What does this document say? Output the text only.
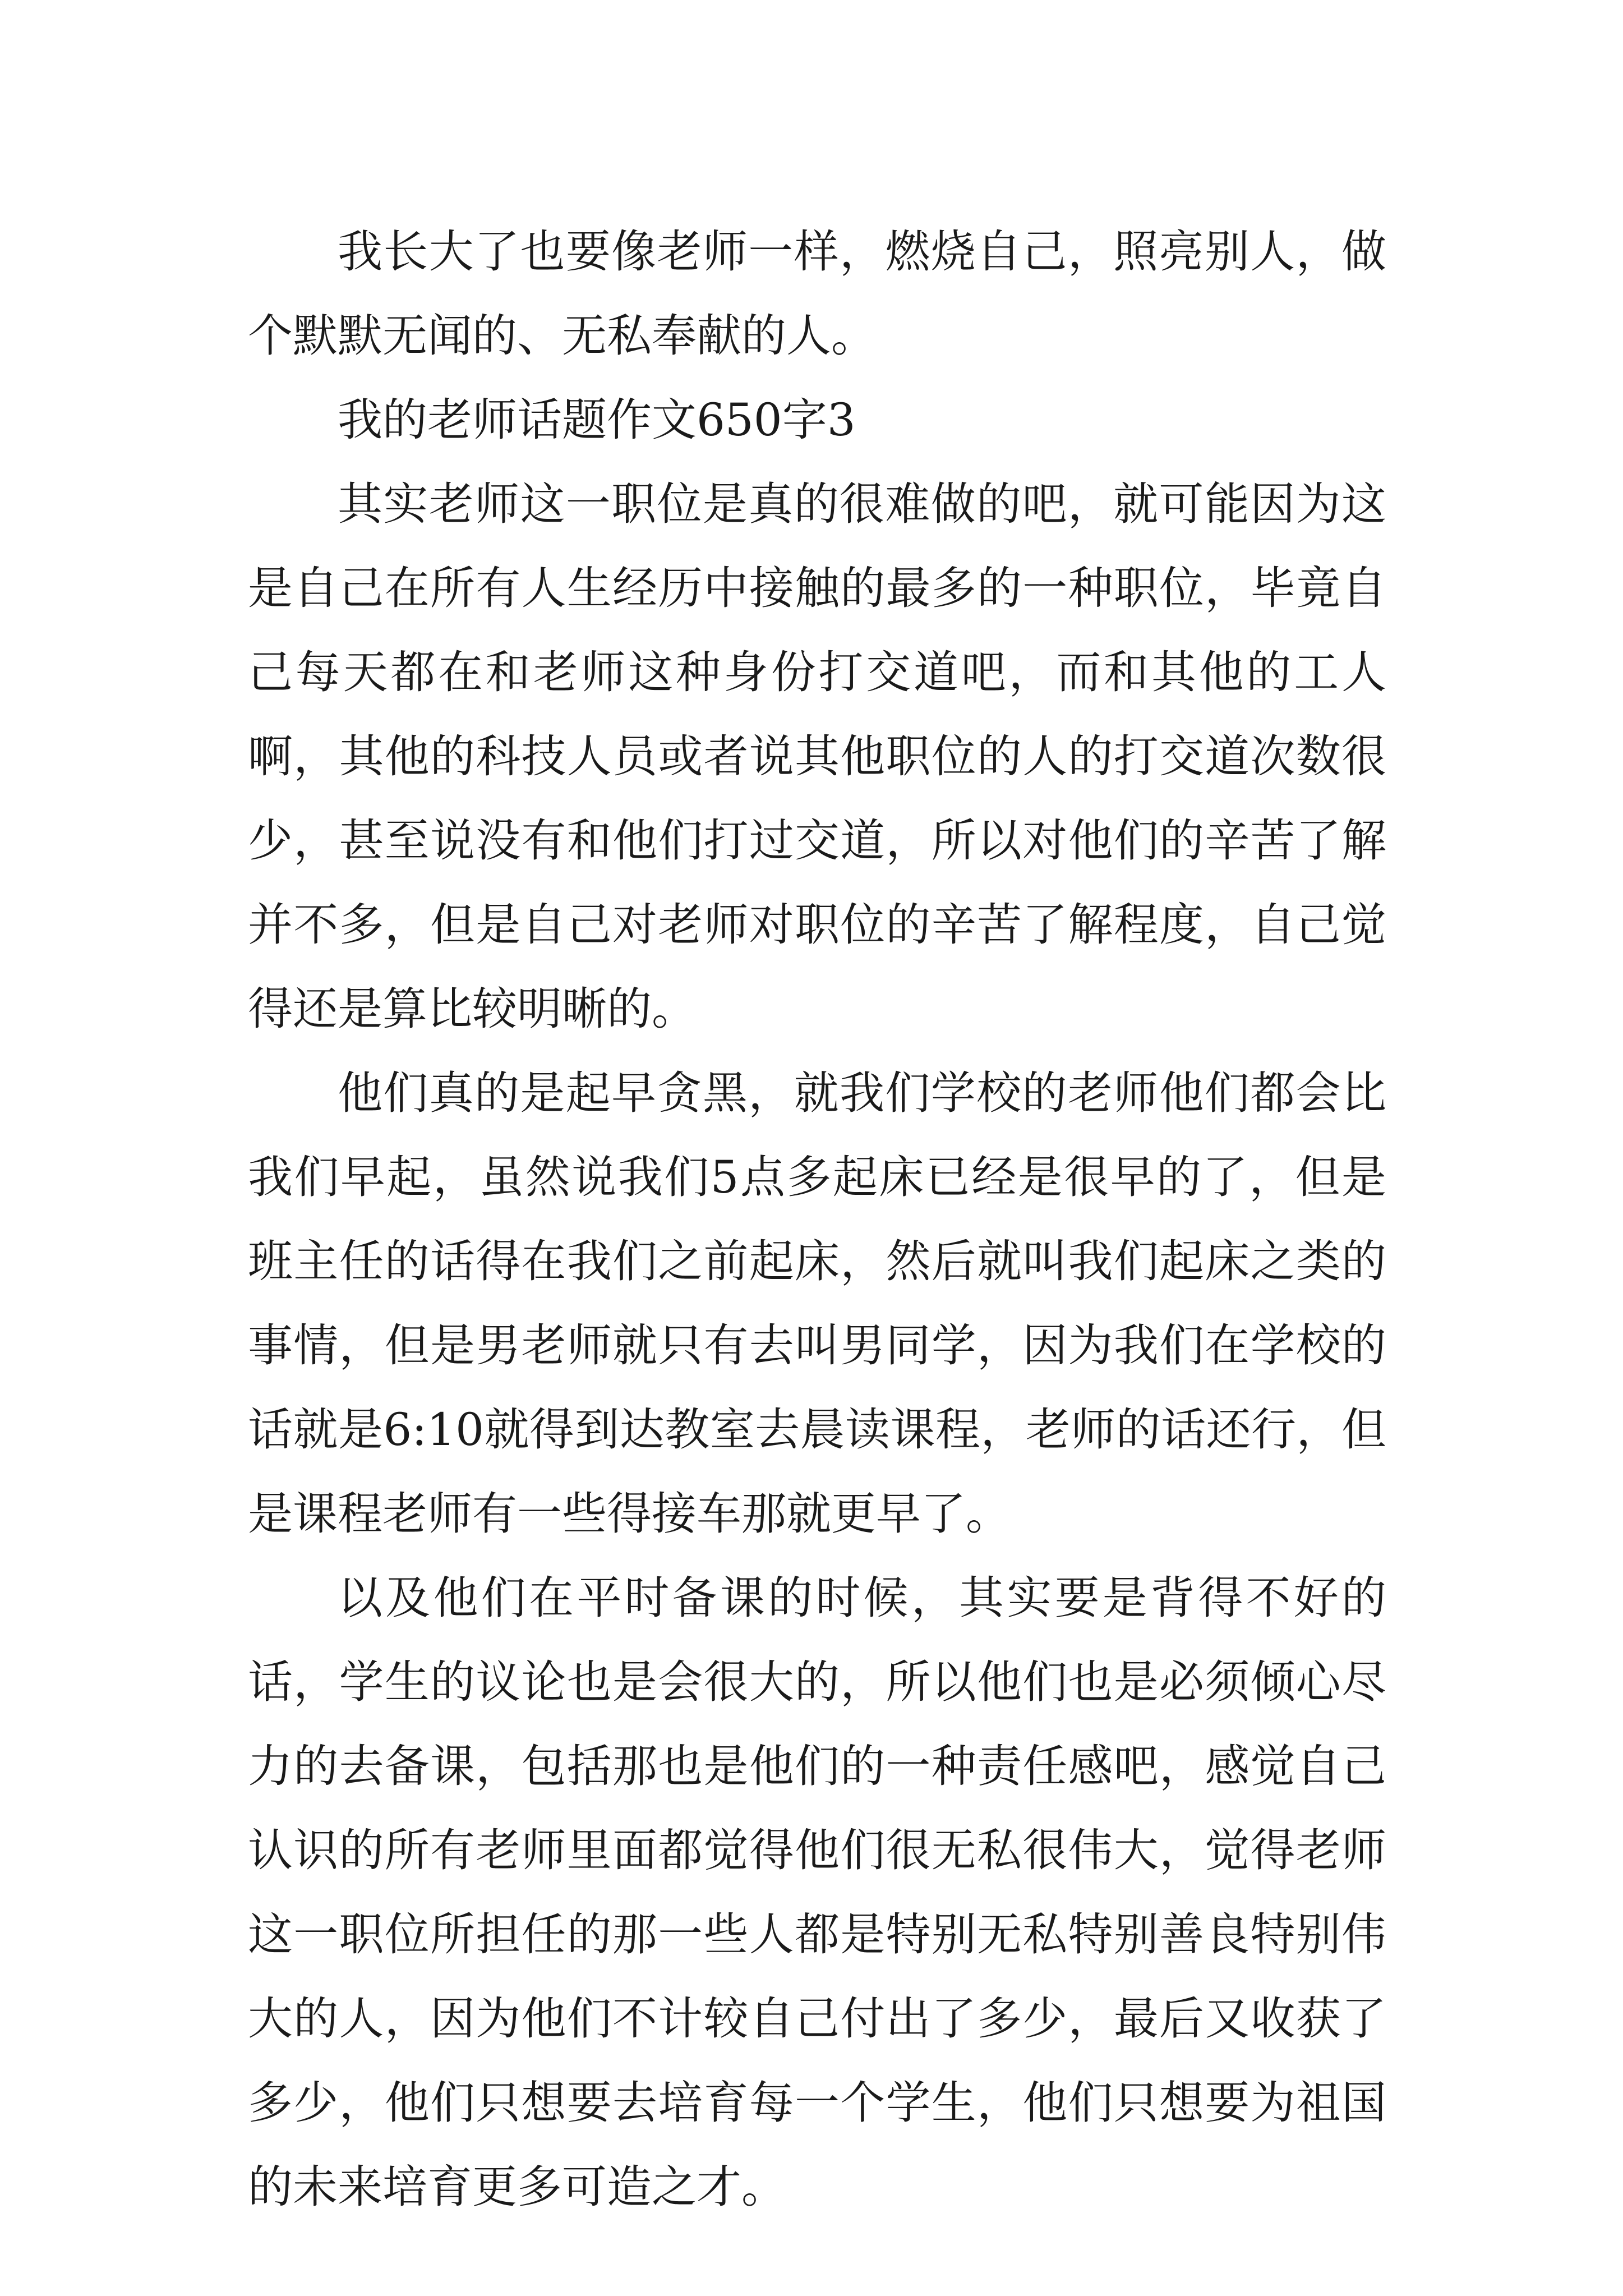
我长大了也要像老师一样，燃烧自己，照亮别人，做个默默无闻的、无私奉献的人。

我的老师话题作文650字3

其实老师这一职位是真的很难做的吧，就可能因为这是自己在所有人生经历中接触的最多的一种职位，毕竟自己每天都在和老师这种身份打交道吧，而和其他的工人啊，其他的科技人员或者说其他职位的人的打交道次数很少，甚至说没有和他们打过交道，所以对他们的辛苦了解并不多，但是自己对老师对职位的辛苦了解程度，自己觉得还是算比较明晰的。

他们真的是起早贪黑，就我们学校的老师他们都会比我们早起，虽然说我们5点多起床已经是很早的了，但是班主任的话得在我们之前起床，然后就叫我们起床之类的事情，但是男老师就只有去叫男同学，因为我们在学校的话就是6:10就得到达教室去晨读课程，老师的话还行，但是课程老师有一些得接车那就更早了。

以及他们在平时备课的时候，其实要是背得不好的话，学生的议论也是会很大的，所以他们也是必须倾心尽力的去备课，包括那也是他们的一种责任感吧，感觉自己认识的所有老师里面都觉得他们很无私很伟大，觉得老师这一职位所担任的那一些人都是特别无私特别善良特别伟大的人，因为他们不计较自己付出了多少，最后又收获了多少，他们只想要去培育每一个学生，他们只想要为祖国的未来培育更多可造之才。
